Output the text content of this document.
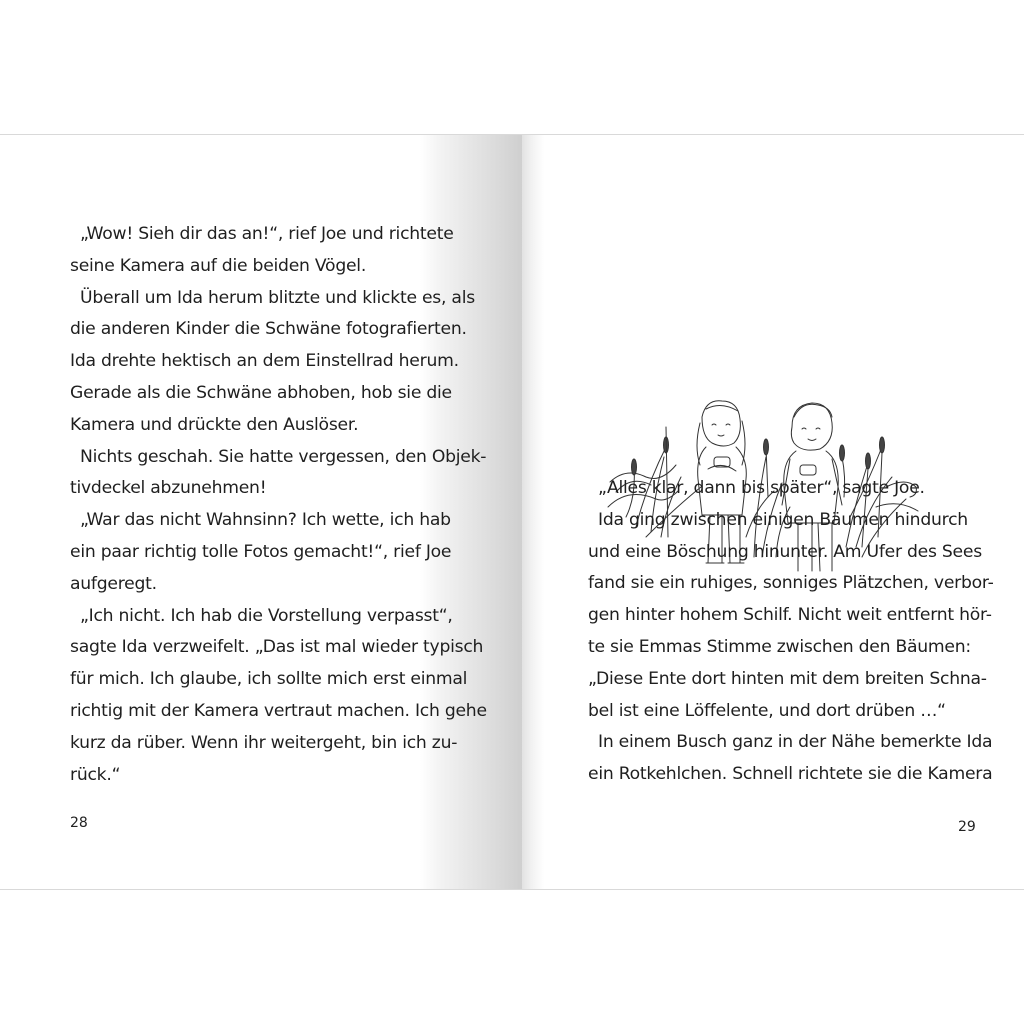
„Wow! Sieh dir das an!“, rief Joe und richtete
seine Kamera auf die beiden Vögel.
Überall um Ida herum blitzte und klickte es, als
die anderen Kinder die Schwäne fotografierten.
Ida drehte hektisch an dem Einstellrad herum.
Gerade als die Schwäne abhoben, hob sie die
Kamera und drückte den Auslöser.
Nichts geschah. Sie hatte vergessen, den Objek-
tivdeckel abzunehmen!
„War das nicht Wahnsinn? Ich wette, ich hab
ein paar richtig tolle Fotos gemacht!“, rief Joe
aufgeregt.
„Ich nicht. Ich hab die Vorstellung verpasst“,
sagte Ida verzweifelt. „Das ist mal wieder typisch
für mich. Ich glaube, ich sollte mich erst einmal
richtig mit der Kamera vertraut machen. Ich gehe
kurz da rüber. Wenn ihr weitergeht, bin ich zu-
rück.“
28
„Alles klar, dann bis später“, sagte Joe.
Ida ging zwischen einigen Bäumen hindurch
und eine Böschung hinunter. Am Ufer des Sees
fand sie ein ruhiges, sonniges Plätzchen, verbor-
gen hinter hohem Schilf. Nicht weit entfernt hör-
te sie Emmas Stimme zwischen den Bäumen:
„Diese Ente dort hinten mit dem breiten Schna-
bel ist eine Löffelente, und dort drüben …“
In einem Busch ganz in der Nähe bemerkte Ida
ein Rotkehlchen. Schnell richtete sie die Kamera
29
